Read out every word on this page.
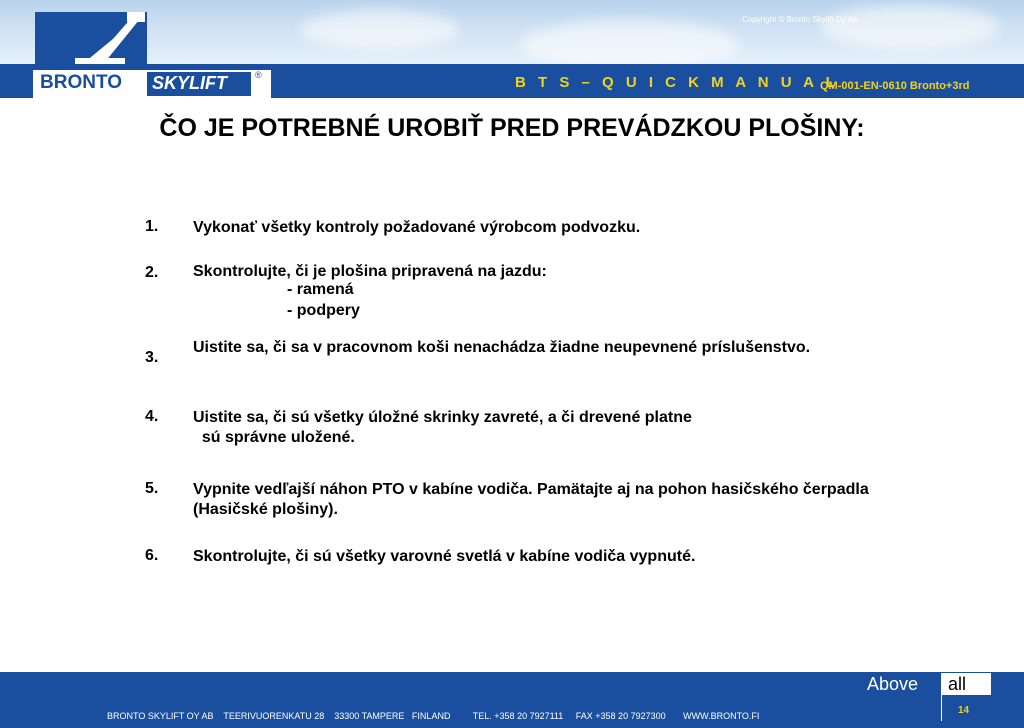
Copyright © Bronto Skylift Oy Ab
BRONTO SKYLIFT	®	B T S – Q U I C K M A N U A L
QM-001-EN-0610 Bronto+3rd
ČO JE POTREBNÉ UROBIŤ PRED PREVÁDZKOU PLOŠINY:
1. Vykonať všetky kontroly požadované výrobcom podvozku.
2. Skontrolujte, či je plošina pripravená na jazdu:
- ramená
- podpery
3.
Uistite sa, či sa v pracovnom koši nenachádza žiadne neupevnené príslušenstvo.
4. Uistite sa, či sú všetky úložné skrinky zavreté, a či drevené platne
sú správne uložené.
5. Vypnite vedľajší náhon PTO v kabíne vodiča. Pamätajte aj na pohon hasičského čerpadla (Hasičské plošiny).
6. Skontrolujte, či sú všetky varovné svetlá v kabíne vodiča vypnuté.
Above all
14
BRONTO SKYLIFT OY AB    TEERIVUORENKATU 28    33300 TAMPERE   FINLAND         TEL. +358 20 7927111     FAX +358 20 7927300       WWW.BRONTO.FI
